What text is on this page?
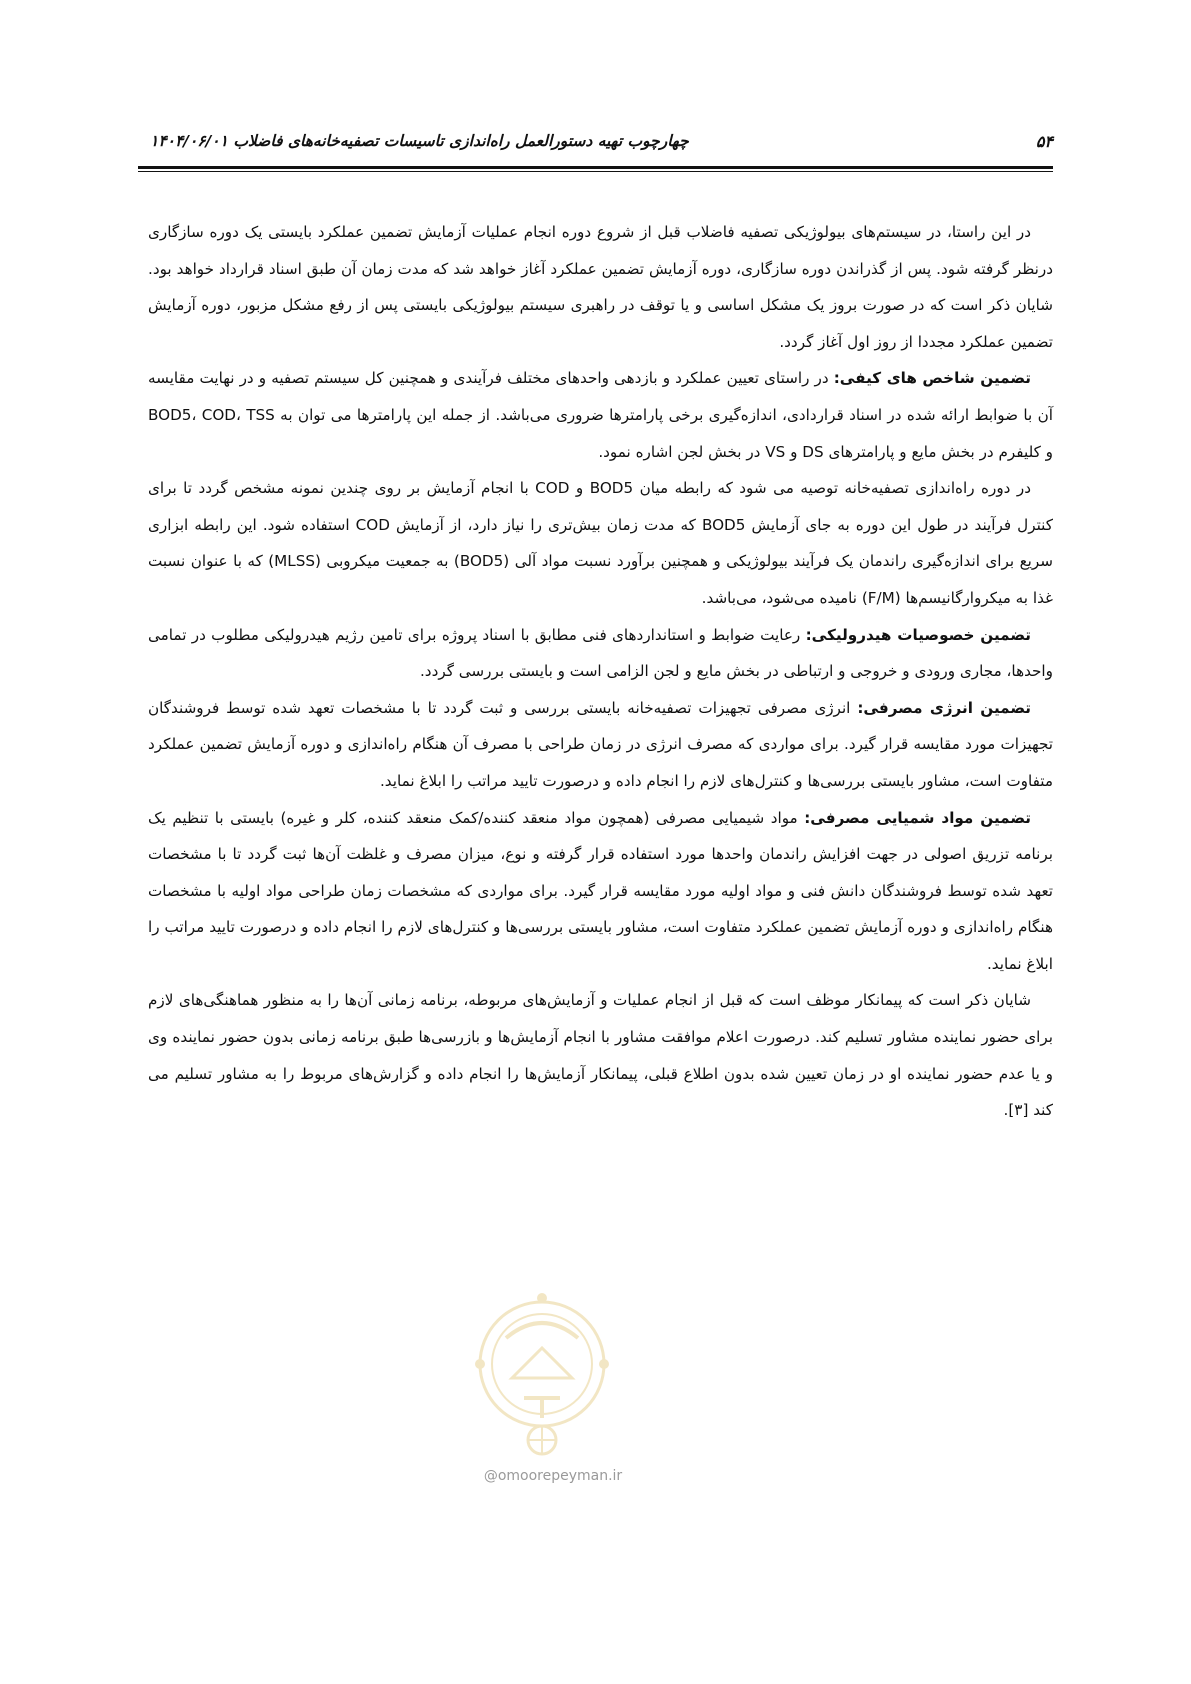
۵۴
چهارچوب تهیه دستورالعمل راه‌اندازی تاسیسات تصفیه‌خانه‌های فاضلاب ۱۴۰۴/۰۶/۰۱

در این راستا، در سیستم‌های بیولوژیکی تصفیه فاضلاب قبل از شروع دوره انجام عملیات آزمایش تضمین عملکرد بایستی یک دوره سازگاری درنظر گرفته شود. پس از گذراندن دوره سازگاری، دوره آزمایش تضمین عملکرد آغاز خواهد شد که مدت زمان آن طبق اسناد قرارداد خواهد بود. شایان ذکر است که در صورت بروز یک مشکل اساسی و یا توقف در راهبری سیستم بیولوژیکی بایستی پس از رفع مشکل مزبور، دوره آزمایش تضمین عملکرد مجددا از روز اول آغاز گردد.

تضمین شاخص های کیفی: در راستای تعیین عملکرد و بازدهی واحدهای مختلف فرآیندی و همچنین کل سیستم تصفیه و در نهایت مقایسه آن با ضوابط ارائه شده در اسناد قراردادی، اندازه‌گیری برخی پارامترها ضروری می‌باشد. از جمله این پارامترها می توان به BOD5، COD، TSS و کلیفرم در بخش مایع و پارامترهای DS و VS در بخش لجن اشاره نمود.

در دوره راه‌اندازی تصفیه‌خانه توصیه می شود که رابطه میان BOD5 و COD با انجام آزمایش بر روی چندین نمونه مشخص گردد تا برای کنترل فرآیند در طول این دوره به جای آزمایش BOD5 که مدت زمان بیش‌تری را نیاز دارد، از آزمایش COD استفاده شود. این رابطه ابزاری سریع برای اندازه‌گیری راندمان یک فرآیند بیولوژیکی و همچنین برآورد نسبت مواد آلی (BOD5) به جمعیت میکروبی (MLSS) که با عنوان نسبت غذا به میکروارگانیسم‌ها (F/M) نامیده می‌شود، می‌باشد.

تضمین خصوصیات هیدرولیکی: رعایت ضوابط و استانداردهای فنی مطابق با اسناد پروژه برای تامین رژیم هیدرولیکی مطلوب در تمامی واحدها، مجاری ورودی و خروجی و ارتباطی در بخش مایع و لجن الزامی است و بایستی بررسی گردد.

تضمین انرژی مصرفی: انرژی مصرفی تجهیزات تصفیه‌خانه بایستی بررسی و ثبت گردد تا با مشخصات تعهد شده توسط فروشندگان تجهیزات مورد مقایسه قرار گیرد. برای مواردی که مصرف انرژی در زمان طراحی با مصرف آن هنگام راه‌اندازی و دوره آزمایش تضمین عملکرد متفاوت است، مشاور بایستی بررسی‌ها و کنترل‌های لازم را انجام داده و درصورت تایید مراتب را ابلاغ نماید.

تضمین مواد شمیایی مصرفی: مواد شیمیایی مصرفی (همچون مواد منعقد کننده/کمک منعقد کننده، کلر و غیره) بایستی با تنظیم یک برنامه تزریق اصولی در جهت افزایش راندمان واحدها مورد استفاده قرار گرفته و نوع، میزان مصرف و غلظت آن‌ها ثبت گردد تا با مشخصات تعهد شده توسط فروشندگان دانش فنی و مواد اولیه مورد مقایسه قرار گیرد. برای مواردی که مشخصات زمان طراحی مواد اولیه با مشخصات هنگام راه‌اندازی و دوره آزمایش تضمین عملکرد متفاوت است، مشاور بایستی بررسی‌ها و کنترل‌های لازم را انجام داده و درصورت تایید مراتب را ابلاغ نماید.

شایان ذکر است که پیمانکار موظف است که قبل از انجام عملیات و آزمایش‌های مربوطه، برنامه زمانی آن‌ها را به منظور هماهنگی‌های لازم برای حضور نماینده مشاور تسلیم کند. درصورت اعلام موافقت مشاور با انجام آزمایش‌ها و بازرسی‌ها طبق برنامه زمانی بدون حضور نماینده وی و یا عدم حضور نماینده او در زمان تعیین شده بدون اطلاع قبلی، پیمانکار آزمایش‌ها را انجام داده و گزارش‌های مربوط را به مشاور تسلیم می کند [۳].

@omoorepeyman.ir
